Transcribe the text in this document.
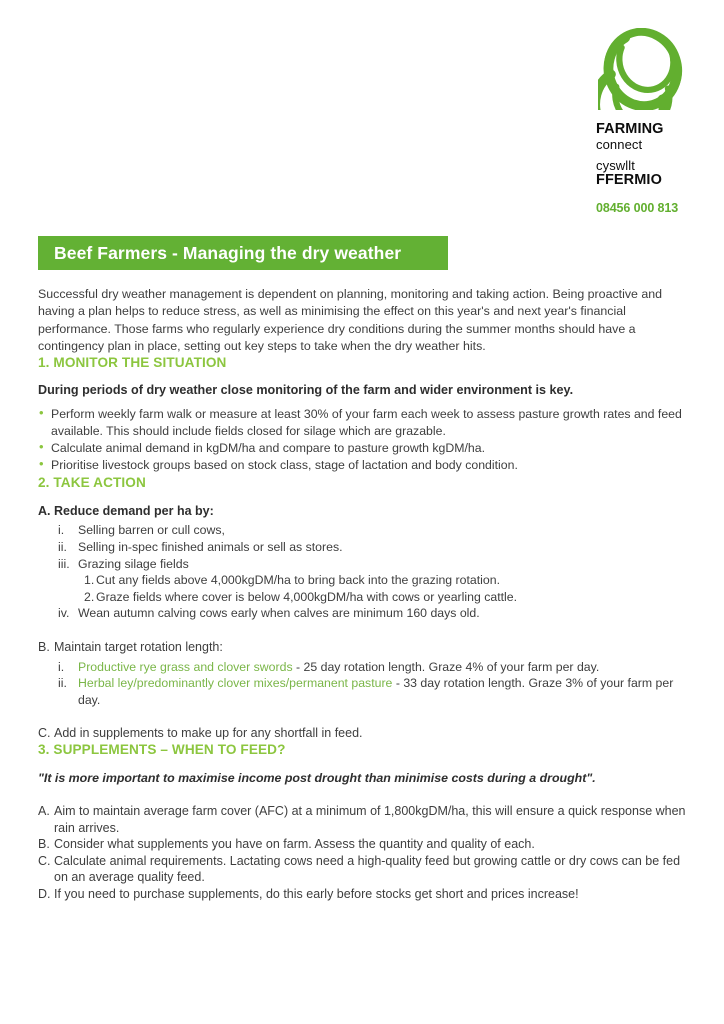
FARMING
connect
cyswllt
FFERMIO
08456 000 813
Beef Farmers - Managing the dry weather

Successful dry weather management is dependent on planning, monitoring and taking action. Being proactive and having a plan helps to reduce stress, as well as minimising the effect on this year's and next year's financial performance. Those farms who regularly experience dry conditions during the summer months should have a contingency plan in place, setting out key steps to take when the dry weather hits.

1. MONITOR THE SITUATION

During periods of dry weather close monitoring of the farm and wider environment is key.

• Perform weekly farm walk or measure at least 30% of your farm each week to assess pasture growth rates and feed available. This should include fields closed for silage which are grazable.
• Calculate animal demand in kgDM/ha and compare to pasture growth kgDM/ha.
• Prioritise livestock groups based on stock class, stage of lactation and body condition.
2. TAKE ACTION
A. Reduce demand per ha by:
i.	Selling barren or cull cows,
ii. Selling in-spec finished animals or sell as stores.
iii. Grazing silage fields
1. Cut any fields above 4,000kgDM/ha to bring back into the grazing rotation.
2. Graze fields where cover is below 4,000kgDM/ha with cows or yearling cattle.
iv. Wean autumn calving cows early when calves are minimum 160 days old.
B. Maintain target rotation length:
i.	Productive rye grass and clover swords - 25 day rotation length. Graze 4% of your farm per day.
ii. Herbal ley/predominantly clover mixes/permanent pasture - 33 day rotation length. Graze 3% of your farm per day.
C. Add in supplements to make up for any shortfall in feed.
3. SUPPLEMENTS – WHEN TO FEED?

"It is more important to maximise income post drought than minimise costs during a drought".

A. Aim to maintain average farm cover (AFC) at a minimum of 1,800kgDM/ha, this will ensure a quick response when rain arrives.
B. Consider what supplements you have on farm. Assess the quantity and quality of each.
C. Calculate animal requirements. Lactating cows need a high-quality feed but growing cattle or dry cows can be fed on an average quality feed.
D. If you need to purchase supplements, do this early before stocks get short and prices increase!
